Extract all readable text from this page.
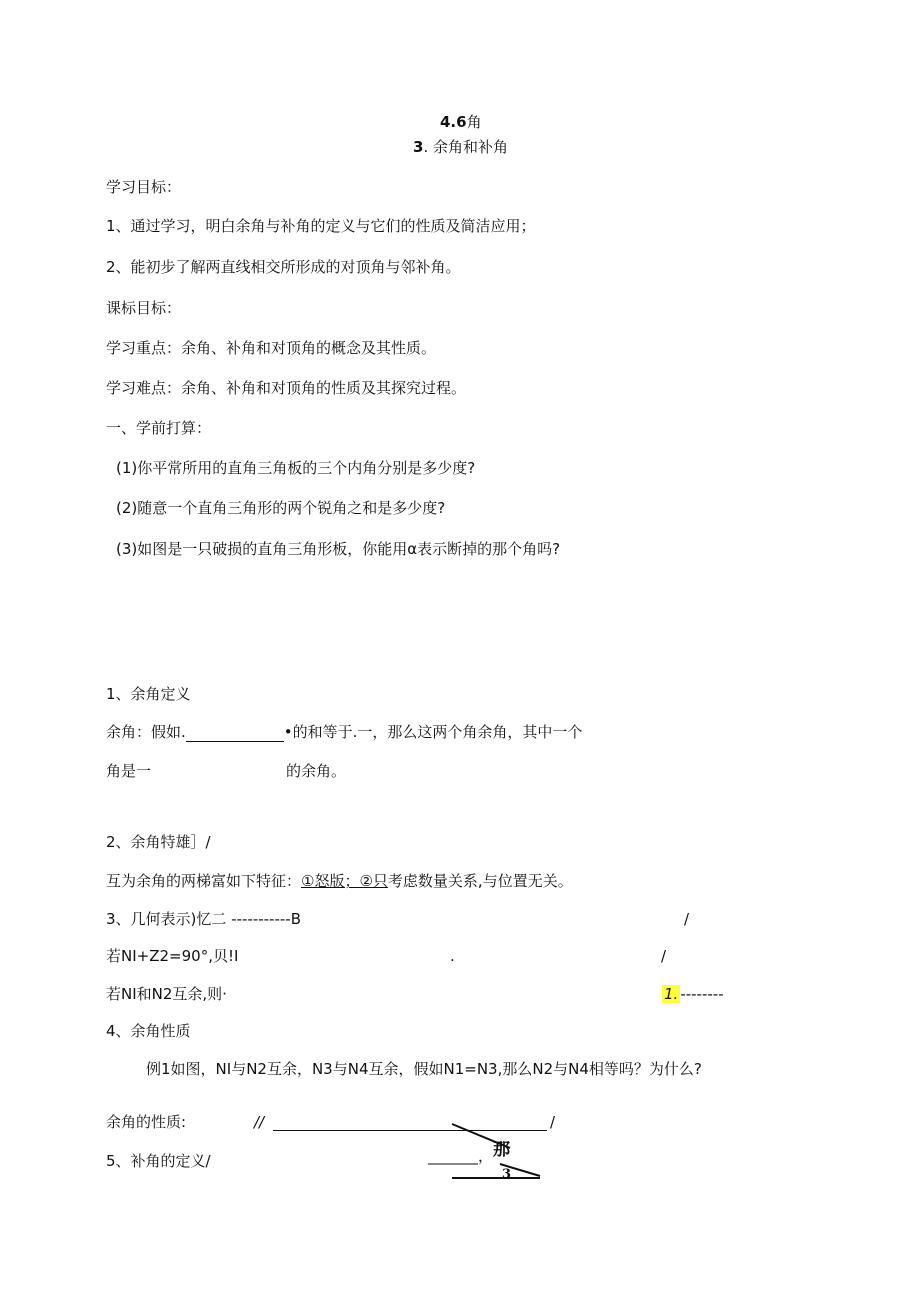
4.6角
3. 余角和补角
学习目标：
1、通过学习，明白余角与补角的定义与它们的性质及简洁应用；
2、能初步了解两直线相交所形成的对顶角与邻补角。
课标目标：
学习重点：余角、补角和对顶角的概念及其性质。
学习难点：余角、补角和对顶角的性质及其探究过程。
一、学前打算：
(1)你平常所用的直角三角板的三个内角分别是多少度?
(2)随意一个直角三角形的两个锐角之和是多少度?
(3)如图是一只破损的直角三角形板，你能用α表示断掉的那个角吗?
1、余角定义
余角：假如.	•的和等于.一，那么这两个角余角，其中一个
角是一	的余角。
2、余角特雄］/
互为余角的两梯富如下特征：①怒版；②只考虑数量关系,与位置无关。
3、几何表示)忆二 -----------B	/
若NI+Z2=90°,贝!I	.	/
若NI和N2互余,则·	1. --------
4、余角性质
例1如图，NI与N2互余，N3与N4互余，假如N1=N3,那么N2与N4相等吗？为什么?
余角的性质:	//	/
5、补角的定义/	， 那
3
